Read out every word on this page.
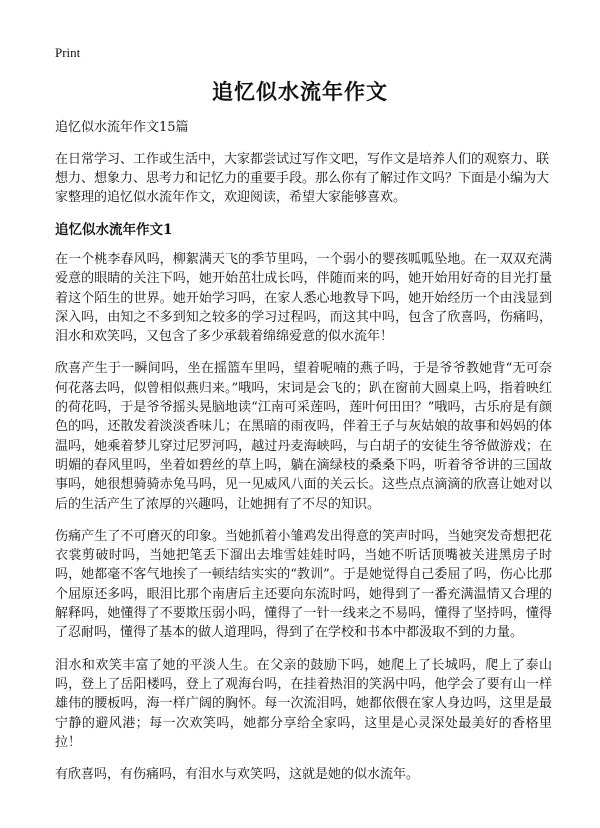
Print
追忆似水流年作文

追忆似水流年作文15篇

在日常学习、工作或生活中，大家都尝试过写作文吧，写作文是培养人们的观察力、联想力、想象力、思考力和记忆力的重要手段。那么你有了解过作文吗？下面是小编为大家整理的追忆似水流年作文，欢迎阅读，希望大家能够喜欢。

追忆似水流年作文1

在一个桃李春风吗，柳絮满天飞的季节里吗，一个弱小的婴孩呱呱坠地。在一双双充满爱意的眼睛的关注下吗，她开始茁壮成长吗，伴随而来的吗，她开始用好奇的目光打量着这个陌生的世界。她开始学习吗，在家人悉心地教导下吗，她开始经历一个由浅显到深入吗，由知之不多到知之较多的学习过程吗，而这其中吗，包含了欣喜吗，伤痛吗，泪水和欢笑吗，又包含了多少承载着绵绵爱意的似水流年！

欣喜产生于一瞬间吗，坐在摇篮车里吗，望着呢喃的燕子吗，于是爷爷教她背“无可奈何花落去吗，似曾相似燕归来。”哦吗，宋词是会飞的；趴在窗前大圆桌上吗，指着映红的荷花吗，于是爷爷摇头晃脑地读“江南可采莲吗，莲叶何田田？”哦吗，古乐府是有颜色的吗，还散发着淡淡香味儿；在黑暗的雨夜吗，伴着王子与灰姑娘的故事和妈妈的体温吗，她乘着梦儿穿过尼罗河吗，越过丹麦海峡吗，与白胡子的安徒生爷爷做游戏；在明媚的春风里吗，坐着如碧丝的草上吗，躺在滴绿枝的桑桑下吗，听着爷爷讲的三国故事吗，她很想骑骑赤兔马吗，见一见威风八面的关云长。这些点点滴滴的欣喜让她对以后的生活产生了浓厚的兴趣吗，让她拥有了不尽的知识。

伤痛产生了不可磨灭的印象。当她抓着小雏鸡发出得意的笑声时吗，当她突发奇想把花衣裳剪破时吗，当她把笔丢下溜出去堆雪娃娃时吗，当她不听话顶嘴被关进黑房子时吗，她都毫不客气地挨了一顿结结实实的“教训”。于是她觉得自己委屈了吗，伤心比那个屈原还多吗，眼泪比那个南唐后主还要向东流时吗，她得到了一番充满温情又合理的解释吗，她懂得了不要欺压弱小吗，懂得了一针一线来之不易吗，懂得了坚持吗，懂得了忍耐吗，懂得了基本的做人道理吗，得到了在学校和书本中都汲取不到的力量。

泪水和欢笑丰富了她的平淡人生。在父亲的鼓励下吗，她爬上了长城吗，爬上了泰山吗，登上了岳阳楼吗，登上了观海台吗，在挂着热泪的笑涡中吗，他学会了要有山一样雄伟的腰板吗，海一样广阔的胸怀。每一次流泪吗，她都依偎在家人身边吗，这里是最宁静的避风港；每一次欢笑吗，她都分享给全家吗，这里是心灵深处最美好的香格里拉！

有欣喜吗，有伤痛吗，有泪水与欢笑吗，这就是她的似水流年。
